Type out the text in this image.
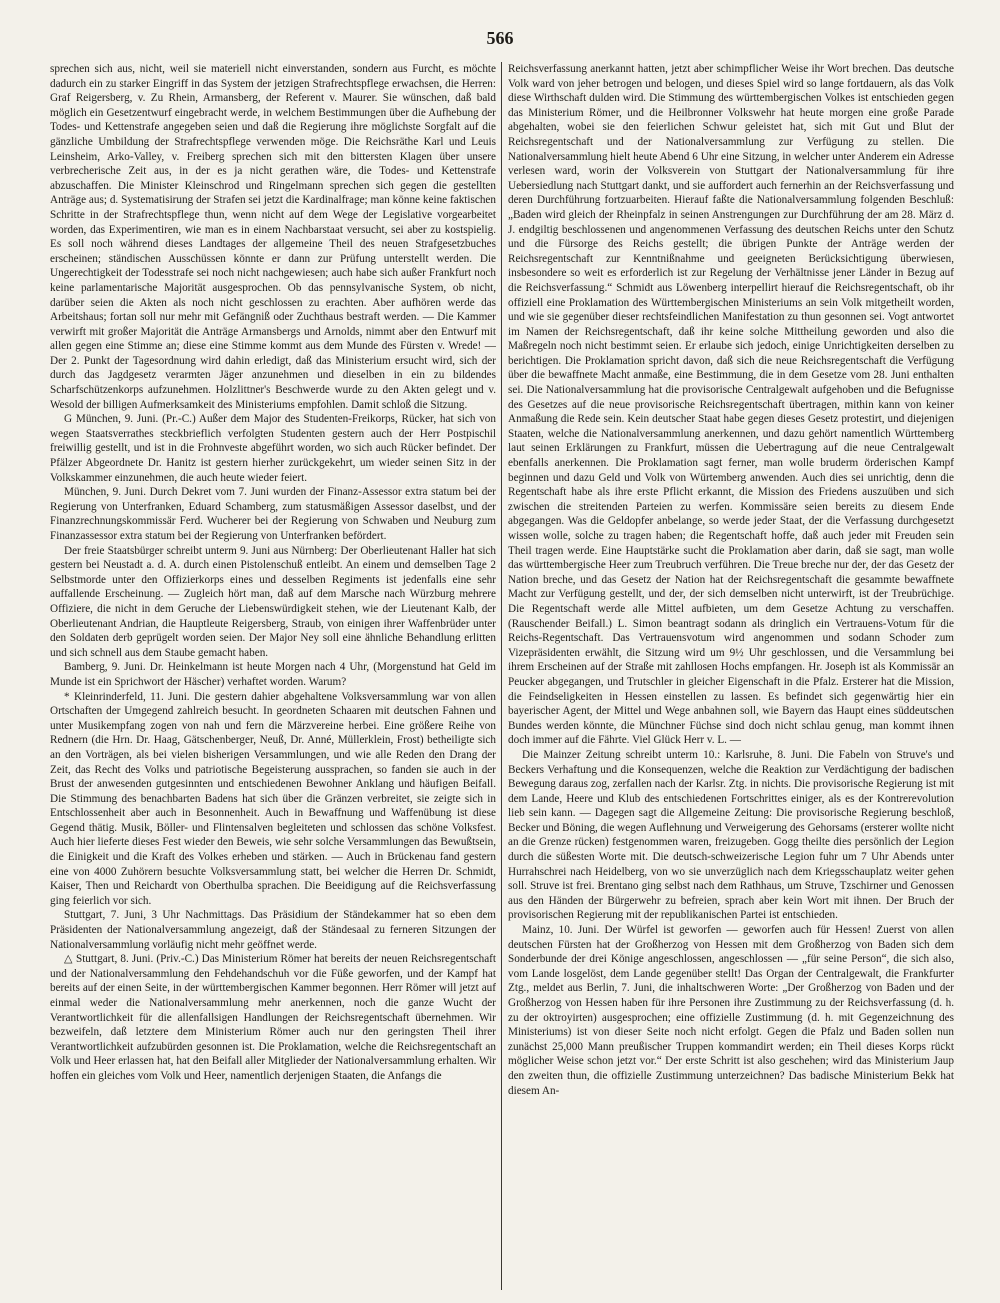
566

sprechen sich aus, nicht, weil sie materiell nicht einverstanden, sondern aus Furcht, es möchte dadurch ein zu starker Eingriff in das System der jetzigen Strafrechtspflege erwachsen, die Herren: Graf Reigersberg, v. Zu Rhein, Armansberg, der Referent v. Maurer. Sie wünschen, daß bald möglich ein Gesetzentwurf eingebracht werde, in welchem Bestimmungen über die Aufhebung der Todes- und Kettenstrafe angegeben seien und daß die Regierung ihre möglichste Sorgfalt auf die gänzliche Umbildung der Strafrechtspflege verwenden möge. Die Reichsräthe Karl und Leuis Leinsheim, Arko-Valley, v. Freiberg sprechen sich mit den bittersten Klagen über unsere verbrecherische Zeit aus, in der es ja nicht gerathen wäre, die Todes- und Kettenstrafe abzuschaffen. Die Minister Kleinschrod und Ringelmann sprechen sich gegen die gestellten Anträge aus; d. Systematisirung der Strafen sei jetzt die Kardinalfrage; man könne keine faktischen Schritte in der Strafrechtspflege thun, wenn nicht auf dem Wege der Legislative vorgearbeitet worden, das Experimentiren, wie man es in einem Nachbarstaat versucht, sei aber zu kostspielig. Es soll noch während dieses Landtages der allgemeine Theil des neuen Strafgesetzbuches erscheinen; ständischen Ausschüssen könnte er dann zur Prüfung unterstellt werden. Die Ungerechtigkeit der Todesstrafe sei noch nicht nachgewiesen; auch habe sich außer Frankfurt noch keine parlamentarische Majorität ausgesprochen. Ob das pennsylvanische System, ob nicht, darüber seien die Akten als noch nicht geschlossen zu erachten. Aber aufhören werde das Arbeitshaus; fortan soll nur mehr mit Gefängniß oder Zuchthaus bestraft werden. — Die Kammer verwirft mit großer Majorität die Anträge Armansbergs und Arnolds, nimmt aber den Entwurf mit allen gegen eine Stimme an; diese eine Stimme kommt aus dem Munde des Fürsten v. Wrede! — Der 2. Punkt der Tagesordnung wird dahin erledigt, daß das Ministerium ersucht wird, sich der durch das Jagdgesetz verarmten Jäger anzunehmen und dieselben in ein zu bildendes Scharfschützenkorps aufzunehmen. Holzlittner's Beschwerde wurde zu den Akten gelegt und v. Wesold der billigen Aufmerksamkeit des Ministeriums empfohlen. Damit schloß die Sitzung.

G München, 9. Juni. (Pr.-C.) Außer dem Major des Studenten-Freikorps, Rücker, hat sich von wegen Staatsverrathes steckbrieflich verfolgten Studenten gestern auch der Herr Postpischil freiwillig gestellt, und ist in die Frohnveste abgeführt worden, wo sich auch Rücker befindet. Der Pfälzer Abgeordnete Dr. Hanitz ist gestern hierher zurückgekehrt, um wieder seinen Sitz in der Volkskammer einzunehmen, die auch heute wieder feiert.

München, 9. Juni. Durch Dekret vom 7. Juni wurden der Finanz-Assessor extra statum bei der Regierung von Unterfranken, Eduard Schamberg, zum statusmäßigen Assessor daselbst, und der Finanzrechnungskommissär Ferd. Wucherer bei der Regierung von Schwaben und Neuburg zum Finanzassessor extra statum bei der Regierung von Unterfranken befördert.

Der freie Staatsbürger schreibt unterm 9. Juni aus Nürnberg: Der Oberlieutenant Haller hat sich gestern bei Neustadt a. d. A. durch einen Pistolenschuß entleibt. An einem und demselben Tage 2 Selbstmorde unter den Offizierkorps eines und desselben Regiments ist jedenfalls eine sehr auffallende Erscheinung. — Zugleich hört man, daß auf dem Marsche nach Würzburg mehrere Offiziere, die nicht in dem Geruche der Liebenswürdigkeit stehen, wie der Lieutenant Kalb, der Oberlieutenant Andrian, die Hauptleute Reigersberg, Straub, von einigen ihrer Waffenbrüder unter den Soldaten derb geprügelt worden seien. Der Major Ney soll eine ähnliche Behandlung erlitten und sich schnell aus dem Staube gemacht haben.

Bamberg, 9. Juni. Dr. Heinkelmann ist heute Morgen nach 4 Uhr, (Morgenstund hat Geld im Munde ist ein Sprichwort der Häscher) verhaftet worden. Warum?

* Kleinrinderfeld, 11. Juni. Die gestern dahier abgehaltene Volksversammlung war von allen Ortschaften der Umgegend zahlreich besucht. In geordneten Schaaren mit deutschen Fahnen und unter Musikempfang zogen von nah und fern die Märzvereine herbei. Eine größere Reihe von Rednern (die Hrn. Dr. Haag, Gätschenberger, Neuß, Dr. Anné, Müllerklein, Frost) betheiligte sich an den Vorträgen, als bei vielen bisherigen Versammlungen, und wie alle Reden den Drang der Zeit, das Recht des Volks und patriotische Begeisterung aussprachen, so fanden sie auch in der Brust der anwesenden gutgesinnten und entschiedenen Bewohner Anklang und häufigen Beifall. Die Stimmung des benachbarten Badens hat sich über die Gränzen verbreitet, sie zeigte sich in Entschlossenheit aber auch in Besonnenheit. Auch in Bewaffnung und Waffenübung ist diese Gegend thätig. Musik, Böller- und Flintensalven begleiteten und schlossen das schöne Volksfest. Auch hier lieferte dieses Fest wieder den Beweis, wie sehr solche Versammlungen das Bewußtsein, die Einigkeit und die Kraft des Volkes erheben und stärken. — Auch in Brückenau fand gestern eine von 4000 Zuhörern besuchte Volksversammlung statt, bei welcher die Herren Dr. Schmidt, Kaiser, Then und Reichardt von Oberthulba sprachen. Die Beeidigung auf die Reichsverfassung ging feierlich vor sich.

Stuttgart, 7. Juni, 3 Uhr Nachmittags. Das Präsidium der Ständekammer hat so eben dem Präsidenten der Nationalversammlung angezeigt, daß der Ständesaal zu ferneren Sitzungen der Nationalversammlung vorläufig nicht mehr geöffnet werde.

△ Stuttgart, 8. Juni. (Priv.-C.) Das Ministerium Römer hat bereits der neuen Reichsregentschaft und der Nationalversammlung den Fehdehandschuh vor die Füße geworfen, und der Kampf hat bereits auf der einen Seite, in der württembergischen Kammer begonnen. Herr Römer will jetzt auf einmal weder die Nationalversammlung mehr anerkennen, noch die ganze Wucht der Verantwortlichkeit für die allenfallsigen Handlungen der Reichsregentschaft übernehmen. Wir bezweifeln, daß letztere dem Ministerium Römer auch nur den geringsten Theil ihrer Verantwortlichkeit aufzubürden gesonnen ist. Die Proklamation, welche die Reichsregentschaft an Volk und Heer erlassen hat, hat den Beifall aller Mitglieder der Nationalversammlung erhalten. Wir hoffen ein gleiches vom Volk und Heer, namentlich derjenigen Staaten, die Anfangs die

Reichsverfassung anerkannt hatten, jetzt aber schimpflicher Weise ihr Wort brechen. Das deutsche Volk ward von jeher betrogen und belogen, und dieses Spiel wird so lange fortdauern, als das Volk diese Wirthschaft dulden wird. Die Stimmung des württembergischen Volkes ist entschieden gegen das Ministerium Römer, und die Heilbronner Volkswehr hat heute morgen eine große Parade abgehalten, wobei sie den feierlichen Schwur geleistet hat, sich mit Gut und Blut der Reichsregentschaft und der Nationalversammlung zur Verfügung zu stellen. Die Nationalversammlung hielt heute Abend 6 Uhr eine Sitzung, in welcher unter Anderem ein Adresse verlesen ward, worin der Volksverein von Stuttgart der Nationalversammlung für ihre Uebersiedlung nach Stuttgart dankt, und sie auffordert auch fernerhin an der Reichsverfassung und deren Durchführung fortzuarbeiten. Hierauf faßte die Nationalversammlung folgenden Beschluß: „Baden wird gleich der Rheinpfalz in seinen Anstrengungen zur Durchführung der am 28. März d. J. endgiltig beschlossenen und angenommenen Verfassung des deutschen Reichs unter den Schutz und die Fürsorge des Reichs gestellt; die übrigen Punkte der Anträge werden der Reichsregentschaft zur Kenntnißnahme und geeigneten Berücksichtigung überwiesen, insbesondere so weit es erforderlich ist zur Regelung der Verhältnisse jener Länder in Bezug auf die Reichsverfassung.“ Schmidt aus Löwenberg interpellirt hierauf die Reichsregentschaft, ob ihr offiziell eine Proklamation des Württembergischen Ministeriums an sein Volk mitgetheilt worden, und wie sie gegenüber dieser rechtsfeindlichen Manifestation zu thun gesonnen sei. Vogt antwortet im Namen der Reichsregentschaft, daß ihr keine solche Mittheilung geworden und also die Maßregeln noch nicht bestimmt seien. Er erlaube sich jedoch, einige Unrichtigkeiten derselben zu berichtigen. Die Proklamation spricht davon, daß sich die neue Reichsregentschaft die Verfügung über die bewaffnete Macht anmaße, eine Bestimmung, die in dem Gesetze vom 28. Juni enthalten sei. Die Nationalversammlung hat die provisorische Centralgewalt aufgehoben und die Befugnisse des Gesetzes auf die neue provisorische Reichsregentschaft übertragen, mithin kann von keiner Anmaßung die Rede sein. Kein deutscher Staat habe gegen dieses Gesetz protestirt, und diejenigen Staaten, welche die Nationalversammlung anerkennen, und dazu gehört namentlich Württemberg laut seinen Erklärungen zu Frankfurt, müssen die Uebertragung auf die neue Centralgewalt ebenfalls anerkennen. Die Proklamation sagt ferner, man wolle bruderm örderischen Kampf beginnen und dazu Geld und Volk von Würtemberg anwenden. Auch dies sei unrichtig, denn die Regentschaft habe als ihre erste Pflicht erkannt, die Mission des Friedens auszuüben und sich zwischen die streitenden Parteien zu werfen. Kommissäre seien bereits zu diesem Ende abgegangen. Was die Geldopfer anbelange, so werde jeder Staat, der die Verfassung durchgesetzt wissen wolle, solche zu tragen haben; die Regentschaft hoffe, daß auch jeder mit Freuden sein Theil tragen werde. Eine Hauptstärke sucht die Proklamation aber darin, daß sie sagt, man wolle das württembergische Heer zum Treubruch verführen. Die Treue breche nur der, der das Gesetz der Nation breche, und das Gesetz der Nation hat der Reichsregentschaft die gesammte bewaffnete Macht zur Verfügung gestellt, und der, der sich demselben nicht unterwirft, ist der Treubrüchige. Die Regentschaft werde alle Mittel aufbieten, um dem Gesetze Achtung zu verschaffen. (Rauschender Beifall.) L. Simon beantragt sodann als dringlich ein Vertrauens-Votum für die Reichs-Regentschaft. Das Vertrauensvotum wird angenommen und sodann Schoder zum Vizepräsidenten erwählt, die Sitzung wird um 9½ Uhr geschlossen, und die Versammlung bei ihrem Erscheinen auf der Straße mit zahllosen Hochs empfangen. Hr. Joseph ist als Kommissär an Peucker abgegangen, und Trutschler in gleicher Eigenschaft in die Pfalz. Ersterer hat die Mission, die Feindseligkeiten in Hessen einstellen zu lassen. Es befindet sich gegenwärtig hier ein bayerischer Agent, der Mittel und Wege anbahnen soll, wie Bayern das Haupt eines süddeutschen Bundes werden könnte, die Münchner Füchse sind doch nicht schlau genug, man kommt ihnen doch immer auf die Fährte. Viel Glück Herr v. L. —

Die Mainzer Zeitung schreibt unterm 10.: Karlsruhe, 8. Juni. Die Fabeln von Struve's und Beckers Verhaftung und die Konsequenzen, welche die Reaktion zur Verdächtigung der badischen Bewegung daraus zog, zerfallen nach der Karlsr. Ztg. in nichts. Die provisorische Regierung ist mit dem Lande, Heere und Klub des entschiedenen Fortschrittes einiger, als es der Kontrerevolution lieb sein kann. — Dagegen sagt die Allgemeine Zeitung: Die provisorische Regierung beschloß, Becker und Böning, die wegen Auflehnung und Verweigerung des Gehorsams (ersterer wollte nicht an die Grenze rücken) festgenommen waren, freizugeben. Gogg theilte dies persönlich der Legion durch die süßesten Worte mit. Die deutsch-schweizerische Legion fuhr um 7 Uhr Abends unter Hurrahschrei nach Heidelberg, von wo sie unverzüglich nach dem Kriegsschauplatz weiter gehen soll. Struve ist frei. Brentano ging selbst nach dem Rathhaus, um Struve, Tzschirner und Genossen aus den Händen der Bürgerwehr zu befreien, sprach aber kein Wort mit ihnen. Der Bruch der provisorischen Regierung mit der republikanischen Partei ist entschieden.

Mainz, 10. Juni. Der Würfel ist geworfen — geworfen auch für Hessen! Zuerst von allen deutschen Fürsten hat der Großherzog von Hessen mit dem Großherzog von Baden sich dem Sonderbunde der drei Könige angeschlossen, angeschlossen — „für seine Person“, die sich also, vom Lande losgelöst, dem Lande gegenüber stellt! Das Organ der Centralgewalt, die Frankfurter Ztg., meldet aus Berlin, 7. Juni, die inhaltschweren Worte: „Der Großherzog von Baden und der Großherzog von Hessen haben für ihre Personen ihre Zustimmung zu der Reichsverfassung (d. h. zu der oktroyirten) ausgesprochen; eine offizielle Zustimmung (d. h. mit Gegenzeichnung des Ministeriums) ist von dieser Seite noch nicht erfolgt. Gegen die Pfalz und Baden sollen nun zunächst 25,000 Mann preußischer Truppen kommandirt werden; ein Theil dieses Korps rückt möglicher Weise schon jetzt vor.“ Der erste Schritt ist also geschehen; wird das Ministerium Jaup den zweiten thun, die offizielle Zustimmung unterzeichnen? Das badische Ministerium Bekk hat diesem An-
